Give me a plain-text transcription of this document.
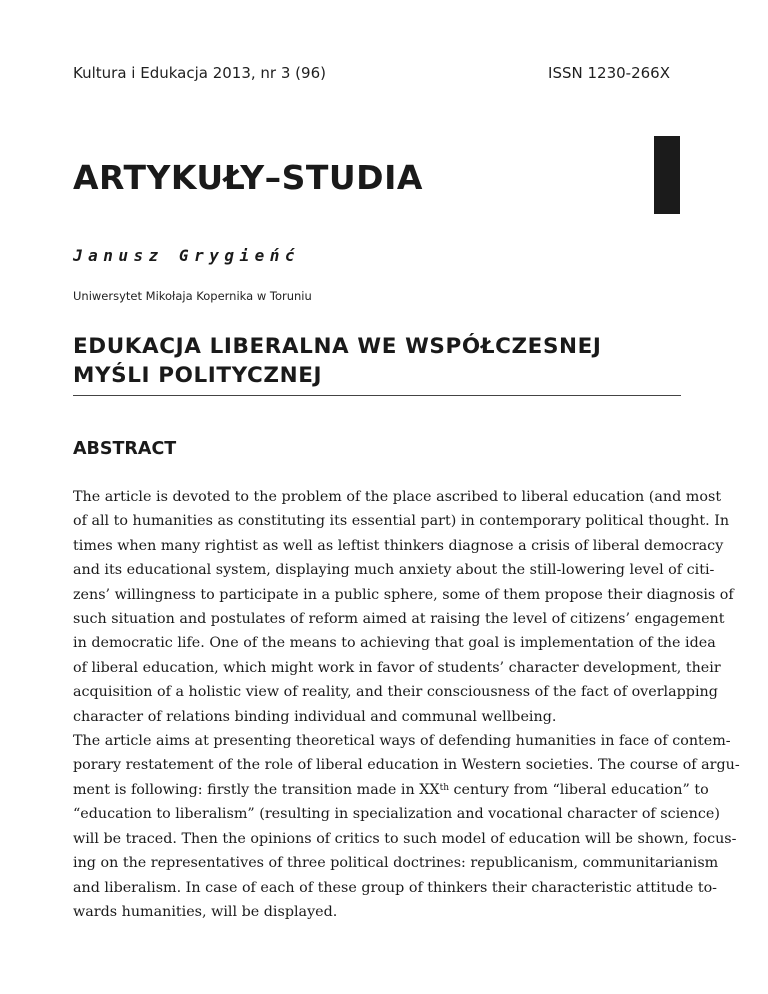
Kultura i Edukacja 2013, nr 3 (96)	ISSN 1230-266X
ARTYKUŁY–STUDIA
Janusz Grygieńć
Uniwersytet Mikołaja Kopernika w Toruniu
EDUKACJA LIBERALNA WE WSPÓŁCZESNEJ
MYŚLI POLITYCZNEJ
ABSTRACT
The article is devoted to the problem of the place ascribed to liberal education (and most
of all to humanities as constituting its essential part) in contemporary political thought. In
times when many rightist as well as leftist thinkers diagnose a crisis of liberal democracy
and its educational system, displaying much anxiety about the still-lowering level of citi-
zens’ willingness to participate in a public sphere, some of them propose their diagnosis of
such situation and postulates of reform aimed at raising the level of citizens’ engagement
in democratic life. One of the means to achieving that goal is implementation of the idea
of liberal education, which might work in favor of students’ character development, their
acquisition of a holistic view of reality, and their consciousness of the fact of overlapping
character of relations binding individual and communal wellbeing.
The article aims at presenting theoretical ways of defending humanities in face of contem-
porary restatement of the role of liberal education in Western societies. The course of argu-
ment is following: firstly the transition made in XXth century from “liberal education” to
“education to liberalism” (resulting in specialization and vocational character of science)
will be traced. Then the opinions of critics to such model of education will be shown, focus-
ing on the representatives of three political doctrines: republicanism, communitarianism
and liberalism. In case of each of these group of thinkers their characteristic attitude to-
wards humanities, will be displayed.
